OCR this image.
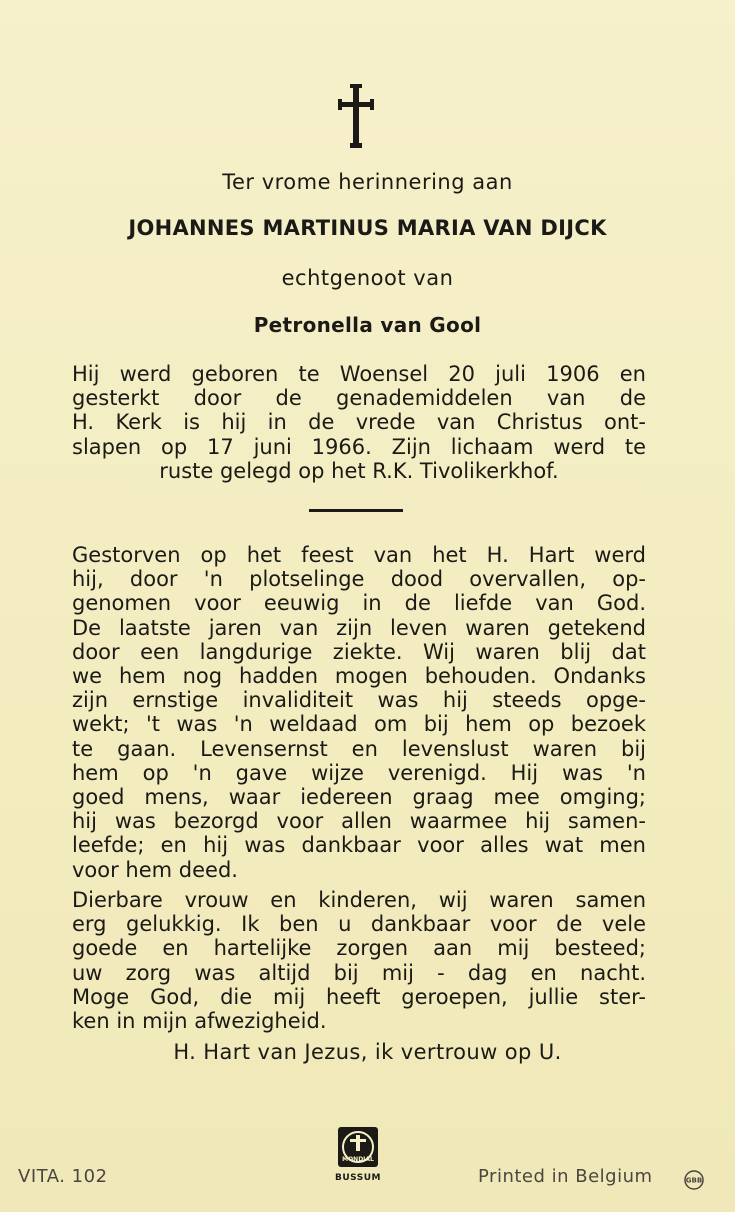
Ter vrome herinnering aan
JOHANNES MARTINUS MARIA VAN DIJCK
echtgenoot van
Petronella van Gool
Hij werd geboren te Woensel 20 juli 1906 en
gesterkt door de genademiddelen van de
H. Kerk is hij in de vrede van Christus ont-
slapen op 17 juni 1966. Zijn lichaam werd te
ruste gelegd op het R.K. Tivolikerkhof.
Gestorven op het feest van het H. Hart werd
hij, door 'n plotselinge dood overvallen, op-
genomen voor eeuwig in de liefde van God.
De laatste jaren van zijn leven waren getekend
door een langdurige ziekte. Wij waren blij dat
we hem nog hadden mogen behouden. Ondanks
zijn ernstige invaliditeit was hij steeds opge-
wekt; 't was 'n weldaad om bij hem op bezoek
te gaan. Levensernst en levenslust waren bij
hem op 'n gave wijze verenigd. Hij was 'n
goed mens, waar iedereen graag mee omging;
hij was bezorgd voor allen waarmee hij samen-
leefde; en hij was dankbaar voor alles wat men
voor hem deed.
Dierbare vrouw en kinderen, wij waren samen
erg gelukkig. Ik ben u dankbaar voor de vele
goede en hartelijke zorgen aan mij besteed;
uw zorg was altijd bij mij - dag en nacht.
Moge God, die mij heeft geroepen, jullie ster-
ken in mijn afwezigheid.
H. Hart van Jezus, ik vertrouw op U.
VITA. 102
MONDIAL
BUSSUM	Printed in Belgium	GBB
